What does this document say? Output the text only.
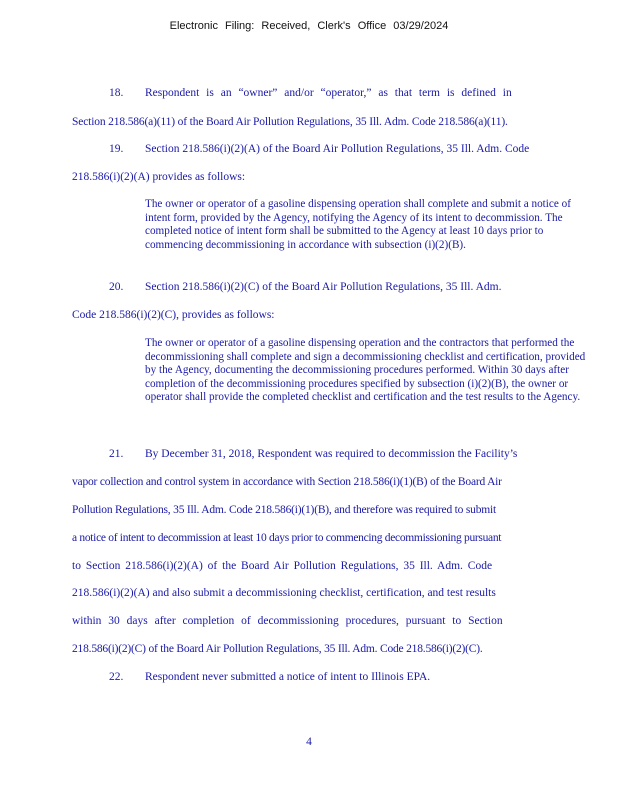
Electronic Filing: Received, Clerk's Office 03/29/2024
18. Respondent is an “owner” and/or “operator,” as that term is defined in
Section 218.586(a)(11) of the Board Air Pollution Regulations, 35 Ill. Adm. Code 218.586(a)(11).
19. Section 218.586(i)(2)(A) of the Board Air Pollution Regulations, 35 Ill. Adm. Code
218.586(i)(2)(A) provides as follows:
The owner or operator of a gasoline dispensing operation shall complete and submit a notice of intent form, provided by the Agency, notifying the Agency of its intent to decommission. The completed notice of intent form shall be submitted to the Agency at least 10 days prior to commencing decommissioning in accordance with subsection (i)(2)(B).
20. Section 218.586(i)(2)(C) of the Board Air Pollution Regulations, 35 Ill. Adm.
Code 218.586(i)(2)(C), provides as follows:
The owner or operator of a gasoline dispensing operation and the contractors that performed the decommissioning shall complete and sign a decommissioning checklist and certification, provided by the Agency, documenting the decommissioning procedures performed. Within 30 days after completion of the decommissioning procedures specified by subsection (i)(2)(B), the owner or operator shall provide the completed checklist and certification and the test results to the Agency.
21. By December 31, 2018, Respondent was required to decommission the Facility’s
vapor collection and control system in accordance with Section 218.586(i)(1)(B) of the Board Air
Pollution Regulations, 35 Ill. Adm. Code 218.586(i)(1)(B), and therefore was required to submit
a notice of intent to decommission at least 10 days prior to commencing decommissioning pursuant
to Section 218.586(i)(2)(A) of the Board Air Pollution Regulations, 35 Ill. Adm. Code
218.586(i)(2)(A) and also submit a decommissioning checklist, certification, and test results
within 30 days after completion of decommissioning procedures, pursuant to Section
218.586(i)(2)(C) of the Board Air Pollution Regulations, 35 Ill. Adm. Code 218.586(i)(2)(C).
22. Respondent never submitted a notice of intent to Illinois EPA.
4
